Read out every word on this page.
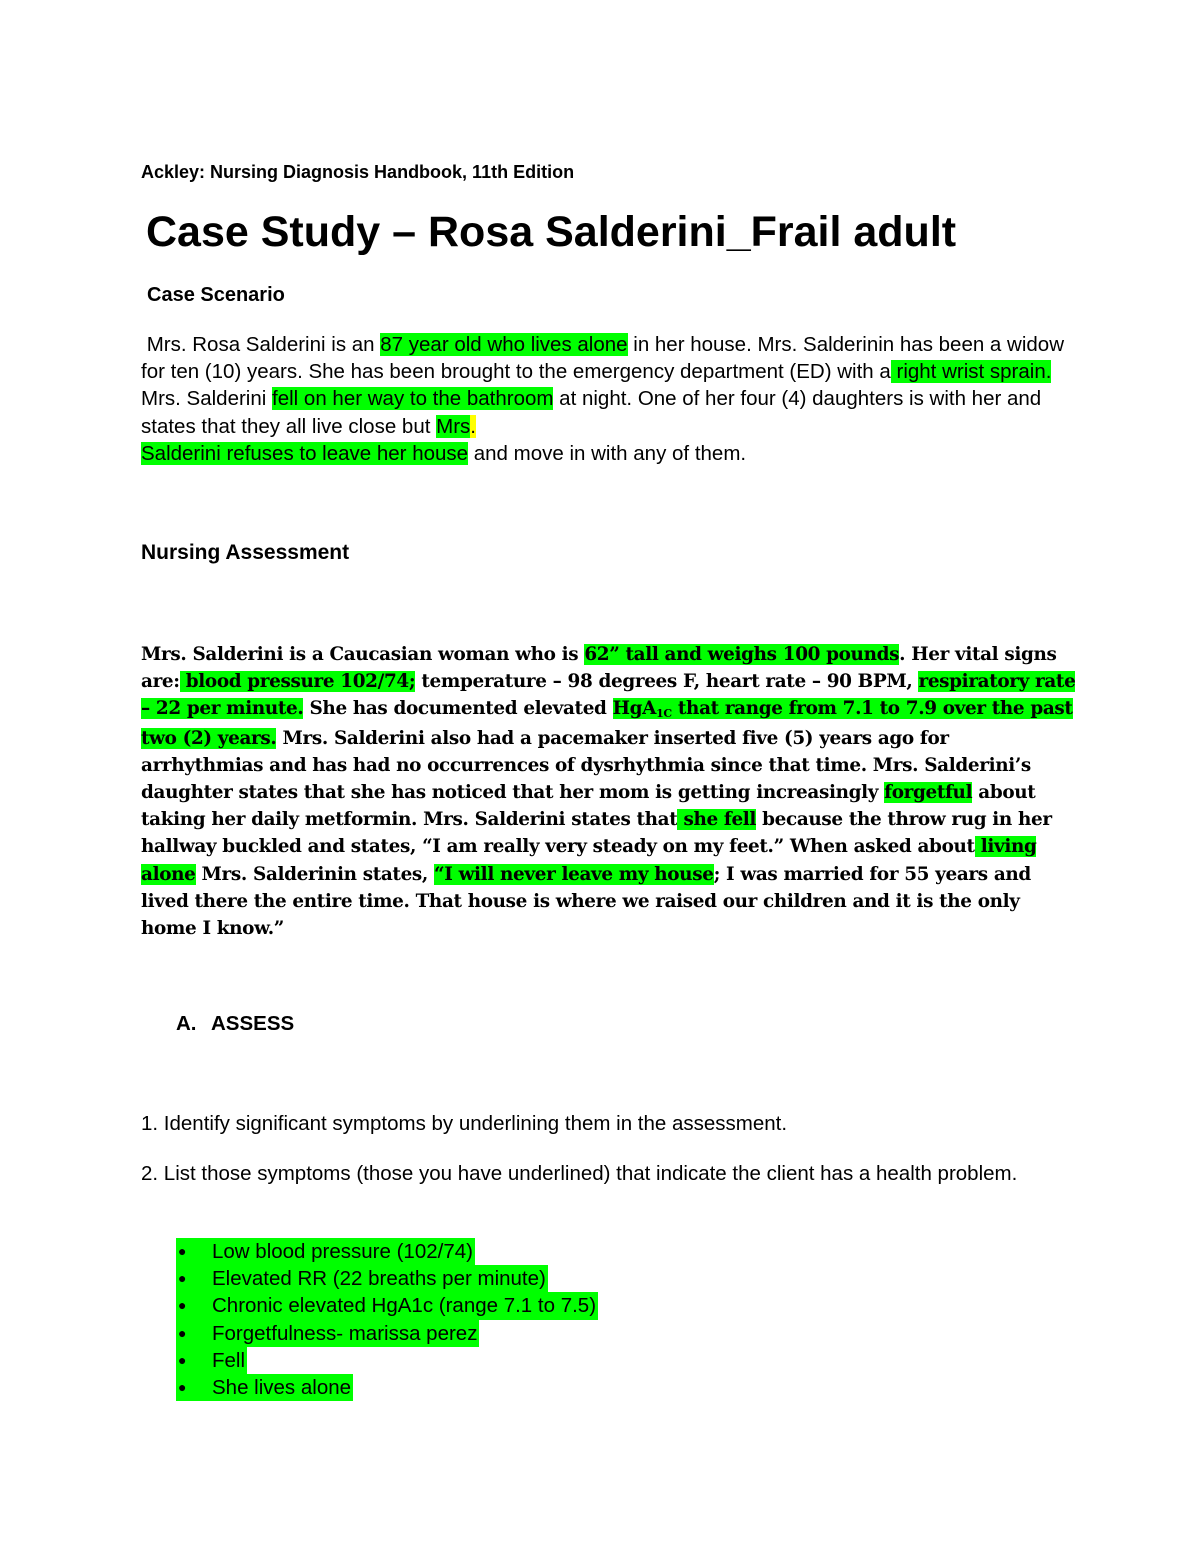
Ackley: Nursing Diagnosis Handbook, 11th Edition
Case Study – Rosa Salderini_Frail adult
Case Scenario
Mrs. Rosa Salderini is an 87 year old who lives alone in her house. Mrs. Salderinin has been a widow for ten (10) years. She has been brought to the emergency department (ED) with a right wrist sprain. Mrs. Salderini fell on her way to the bathroom at night. One of her four (4) daughters is with her and states that they all live close but Mrs.
Salderini refuses to leave her house and move in with any of them.
Nursing Assessment
Mrs. Salderini is a Caucasian woman who is 62” tall and weighs 100 pounds. Her vital signs are: blood pressure 102/74; temperature – 98 degrees F, heart rate – 90 BPM, respiratory rate – 22 per minute. She has documented elevated HgA$_{1C}$ that range from 7.1 to 7.9 over the past two (2) years. Mrs. Salderini also had a pacemaker inserted five (5) years ago for arrhythmias and has had no occurrences of dysrhythmia since that time. Mrs. Salderini’s daughter states that she has noticed that her mom is getting increasingly forgetful about taking her daily metformin. Mrs. Salderini states that she fell because the throw rug in her hallway buckled and states, “I am really very steady on my feet.” When asked about living alone Mrs. Salderinin states, “I will never leave my house; I was married for 55 years and lived there the entire time. That house is where we raised our children and it is the only home I know.”
A. ASSESS
1. Identify significant symptoms by underlining them in the assessment.
2. List those symptoms (those you have underlined) that indicate the client has a health problem.
● Low blood pressure (102/74)
● Elevated RR (22 breaths per minute)
● Chronic elevated HgA1c (range 7.1 to 7.5)
● Forgetfulness- marissa perez
● Fell
● She lives alone
